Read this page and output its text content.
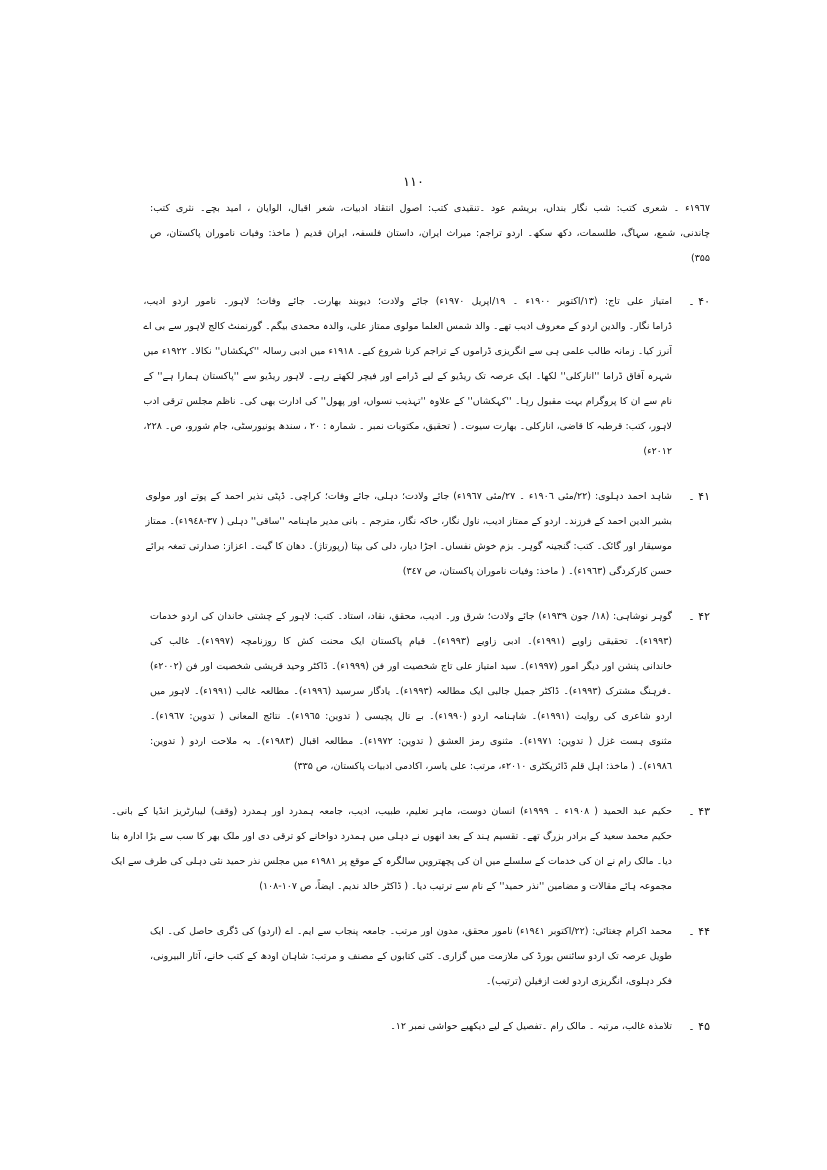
١١٠
١٩٦٧ء ۔ شعری کتب: شب نگار بنداں، بریشم عود ۔تنقیدی کتب: اصول انتقاد ادبیات، شعر اقبال، الوایان ، امید بچے۔ نثری کتب:
چاندنی، شمع، سہاگ، طلسمات، دکھ سکھ۔ اردو تراجم: میراث ایران، داستان فلسفہ، ایران قدیم ( ماخذ: وفیات ناموران پاکستان، ص
٣۵۵)
۴٠ ۔
امتیاز علی تاج: (١٣/اکتوبر ١٩٠٠ء ۔ ١٩/اپریل ١٩٧٠ء) جائے ولادت؛ دیوبند بھارت۔ جائے وفات؛ لاہور۔ نامور اردو ادیب،
ڈراما نگار۔ والدین اردو کے معروف ادیب تھے۔ والد شمس العلما مولوی ممتاز علی، والدہ محمدی بیگم۔ گورنمنٹ کالج لاہور سے بی اے
آنرز کیا۔ زمانہ طالب علمی ہی سے انگریزی ڈراموں کے تراجم کرنا شروع کیے۔ ١٩١٨ء میں ادبی رسالہ ''کہکشاں'' نکالا۔ ١٩٢٢ء میں
شہرہ آفاق ڈراما ''انارکلی'' لکھا۔ ایک عرصہ تک ریڈیو کے لیے ڈرامے اور فیچر لکھتے رہے۔ لاہور ریڈیو سے ''پاکستان ہمارا ہے'' کے
نام سے ان کا پروگرام بہت مقبول رہا۔ ''کہکشاں'' کے علاوہ ''تہذیب نسواں، اور پھول'' کی ادارت بھی کی۔ ناظم مجلس ترقی ادب
لاہور، کتب: قرطبہ کا قاضی، انارکلی۔ بھارت سیوت۔ ( تحقیق، مکتوبات نمبر ۔ شمارہ : ٢٠ ، سندھ یونیورسٹی، جام شورو، ص۔ ٢٢٨،
٢٠١٢ء)
۴١ ۔
شاہد احمد دہلوی: (٢٢/مئی ١٩٠٦ء ۔ ٢٧/مئی ١٩٦٧ء) جائے ولادت؛ دہلی، جائے وفات؛ کراچی۔ ڈپٹی نذیر احمد کے پوتے اور مولوی
بشیر الدین احمد کے فرزند۔ اردو کے ممتاز ادیب، ناول نگار، خاکہ نگار، مترجم ۔ بانی مدیر ماہنامہ ''ساقی'' دہلی ( ٣٧-١٩٤٨ء)۔ ممتاز
موسیقار اور گائک۔ کتب: گنجینہ گوہر۔ بزم خوش نفساں۔ اجڑا دیار، دلی کی بپتا (رپورتاژ)۔ دھان کا گیت۔ اعزاز: صدارتی تمغہ برائے
حسن کارکردگی (١٩٦٣ء)۔ ( ماخذ: وفیات ناموران پاکستان، ص ٣٤٧)
۴٢ ۔
گوہر نوشاہی: (١٨/ جون ١٩٣٩ء) جائے ولادت؛ شرق ور۔ ادیب، محقق، نقاد، استاد۔ کتب: لاہور کے چشتی خاندان کی اردو خدمات
(١٩٩٣ء)۔ تحقیقی زاویے (١٩٩١ء)۔ ادبی زاویے (١٩٩٣ء)۔ قیام پاکستان ایک محنت کش کا روزنامچہ (١٩٩٧ء)۔ غالب کی
خاندانی پنشن اور دیگر امور (١٩٩٧ء)۔ سید امتیاز علی تاج شخصیت اور فن (١٩٩٩ء)۔ ڈاکٹر وحید قریشی شخصیت اور فن (٢٠٠٢ء)
۔فرہنگ مشترک (١٩٩٣ء)۔ ڈاکٹر جمیل جالبی ایک مطالعہ (١٩٩٣ء)۔ یادگار سرسید (١٩٩٦ء)۔ مطالعہ غالب (١٩٩١ء)۔ لاہور میں
اردو شاعری کی روایت (١٩٩١ء)۔ شاہنامہ اردو (١٩٩٠ء)۔ بے تال پچیسی ( تدوین: ١٩٦۵ء)۔ نتائج المعانی ( تدوین: ١٩٦٧ء)۔
مثنوی ہست غزل ( تدوین: ١٩٧١ء)۔ مثنوی رمز العشق ( تدوین: ١٩٧٢ء)۔ مطالعہ اقبال (١٩٨٣ء)۔ بہ ملاحت اردو ( تدوین:
١٩٨٦ء)۔ ( ماخذ: اہل قلم ڈائریکٹری ٢٠١٠ء، مرتب: علی یاسر، اکادمی ادبیات پاکستان، ص ٣٣۵)
۴٣ ۔
حکیم عبد الحمید ( ١٩٠٨ء ۔ ١٩٩٩ء) انسان دوست، ماہر تعلیم، طبیب، ادیب، جامعہ ہمدرد اور ہمدرد (وقف) لیبارٹریز انڈیا کے بانی۔
حکیم محمد سعید کے برادر بزرگ تھے۔ تقسیم ہند کے بعد انھوں نے دہلی میں ہمدرد دواخانے کو ترقی دی اور ملک بھر کا سب سے بڑا ادارہ بنا
دیا۔ مالک رام نے ان کی خدمات کے سلسلے میں ان کی پچھترویں سالگرہ کے موقع پر ١٩٨١ء میں مجلس نذر حمید نئی دہلی کی طرف سے ایک
مجموعہ ہائے مقالات و مضامین ''نذر حمید'' کے نام سے ترتیب دیا۔ ( ڈاکٹر خالد ندیم۔ ایضاً، ص ١٠٧-١٠٨)
۴۴ ۔
محمد اکرام چغتائی: (٢٢/اکتوبر ١٩٤١ء) نامور محقق، مدون اور مرتب۔ جامعہ پنجاب سے ایم۔ اے (اردو) کی ڈگری حاصل کی۔ ایک
طویل عرصہ تک اردو سائنس بورڈ کی ملازمت میں گزاری۔ کئی کتابوں کے مصنف و مرتب: شاہان اودھ کے کتب خانے، آثار البیرونی،
فکر دہلوی، انگریزی اردو لغت ازفیلن (ترتیب)۔
۴۵ ۔
تلامذہ غالب، مرتبہ ۔ مالک رام ۔تفصیل کے لیے دیکھیے حواشی نمبر ١٢۔
